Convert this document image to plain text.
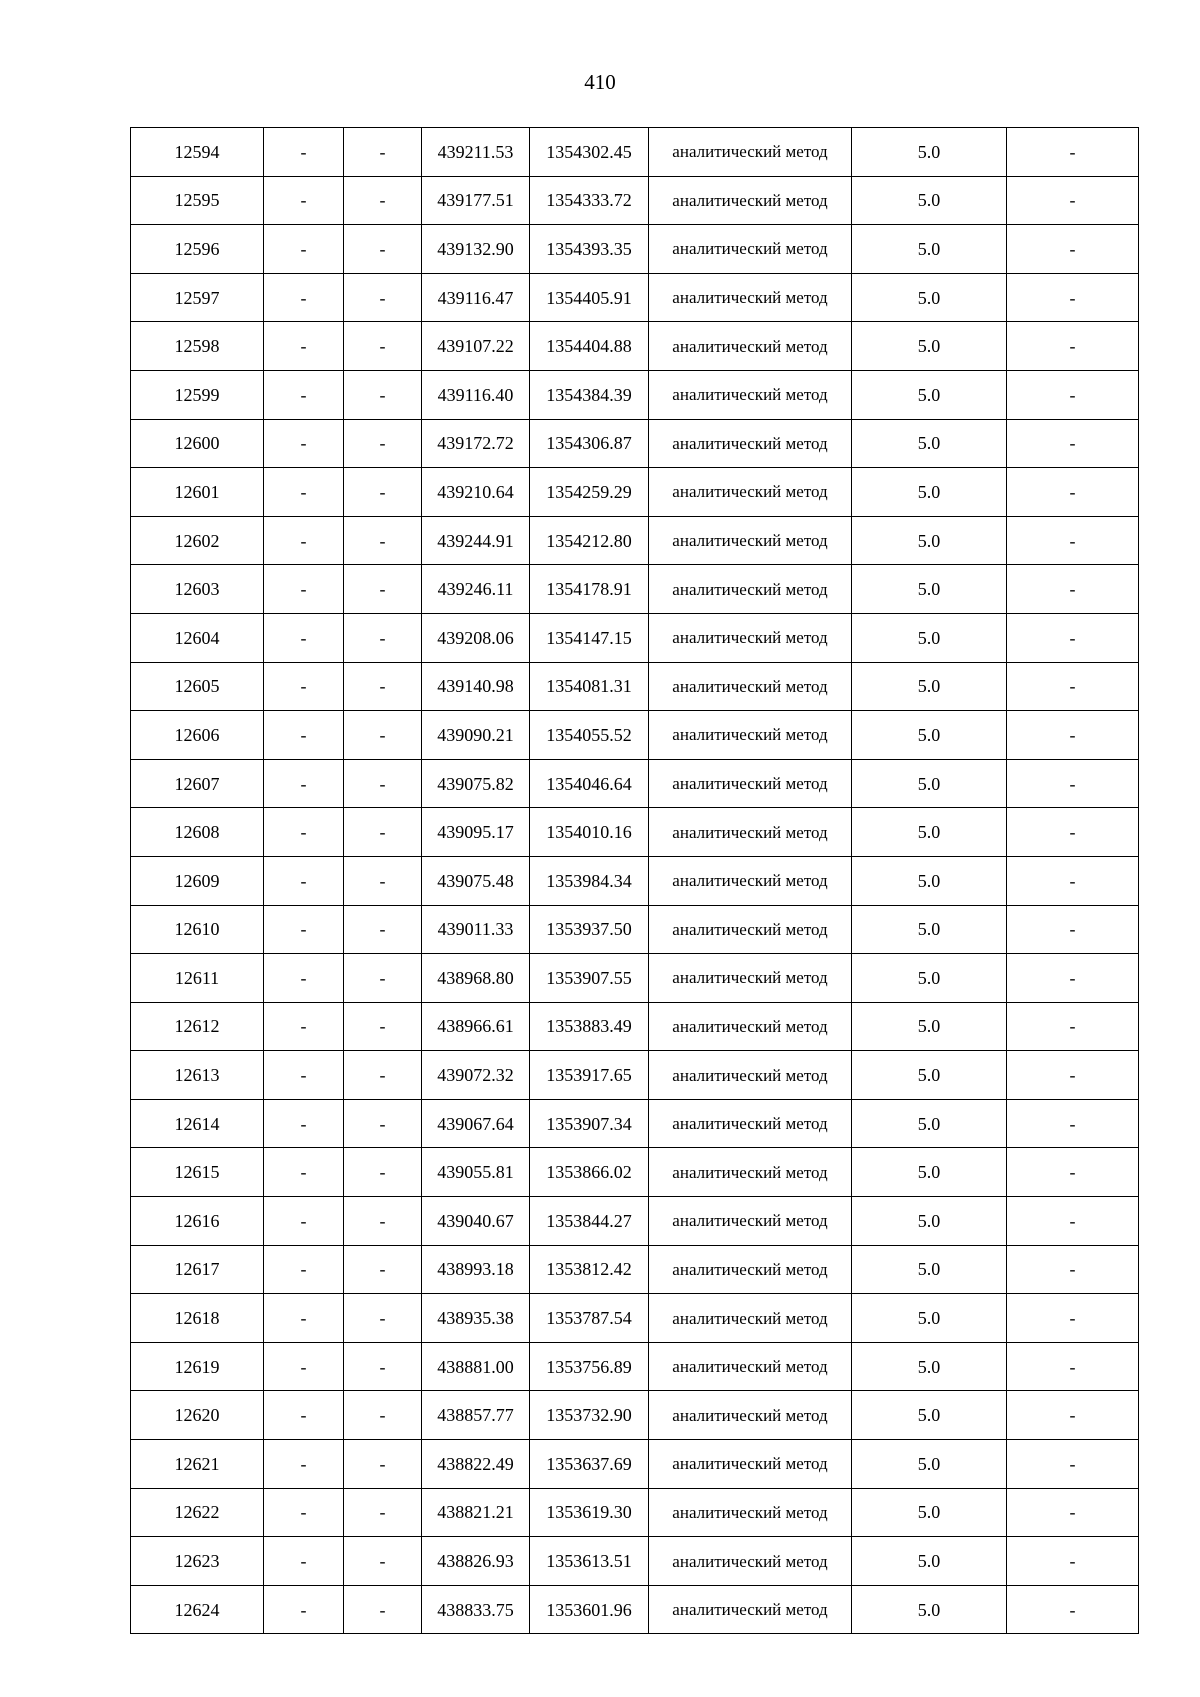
410
12594	-	-	439211.53	1354302.45	аналитический метод	5.0	-
12595	-	-	439177.51	1354333.72	аналитический метод	5.0	-
12596	-	-	439132.90	1354393.35	аналитический метод	5.0	-
12597	-	-	439116.47	1354405.91	аналитический метод	5.0	-
12598	-	-	439107.22	1354404.88	аналитический метод	5.0	-
12599	-	-	439116.40	1354384.39	аналитический метод	5.0	-
12600	-	-	439172.72	1354306.87	аналитический метод	5.0	-
12601	-	-	439210.64	1354259.29	аналитический метод	5.0	-
12602	-	-	439244.91	1354212.80	аналитический метод	5.0	-
12603	-	-	439246.11	1354178.91	аналитический метод	5.0	-
12604	-	-	439208.06	1354147.15	аналитический метод	5.0	-
12605	-	-	439140.98	1354081.31	аналитический метод	5.0	-
12606	-	-	439090.21	1354055.52	аналитический метод	5.0	-
12607	-	-	439075.82	1354046.64	аналитический метод	5.0	-
12608	-	-	439095.17	1354010.16	аналитический метод	5.0	-
12609	-	-	439075.48	1353984.34	аналитический метод	5.0	-
12610	-	-	439011.33	1353937.50	аналитический метод	5.0	-
12611	-	-	438968.80	1353907.55	аналитический метод	5.0	-
12612	-	-	438966.61	1353883.49	аналитический метод	5.0	-
12613	-	-	439072.32	1353917.65	аналитический метод	5.0	-
12614	-	-	439067.64	1353907.34	аналитический метод	5.0	-
12615	-	-	439055.81	1353866.02	аналитический метод	5.0	-
12616	-	-	439040.67	1353844.27	аналитический метод	5.0	-
12617	-	-	438993.18	1353812.42	аналитический метод	5.0	-
12618	-	-	438935.38	1353787.54	аналитический метод	5.0	-
12619	-	-	438881.00	1353756.89	аналитический метод	5.0	-
12620	-	-	438857.77	1353732.90	аналитический метод	5.0	-
12621	-	-	438822.49	1353637.69	аналитический метод	5.0	-
12622	-	-	438821.21	1353619.30	аналитический метод	5.0	-
12623	-	-	438826.93	1353613.51	аналитический метод	5.0	-
12624	-	-	438833.75	1353601.96	аналитический метод	5.0	-
